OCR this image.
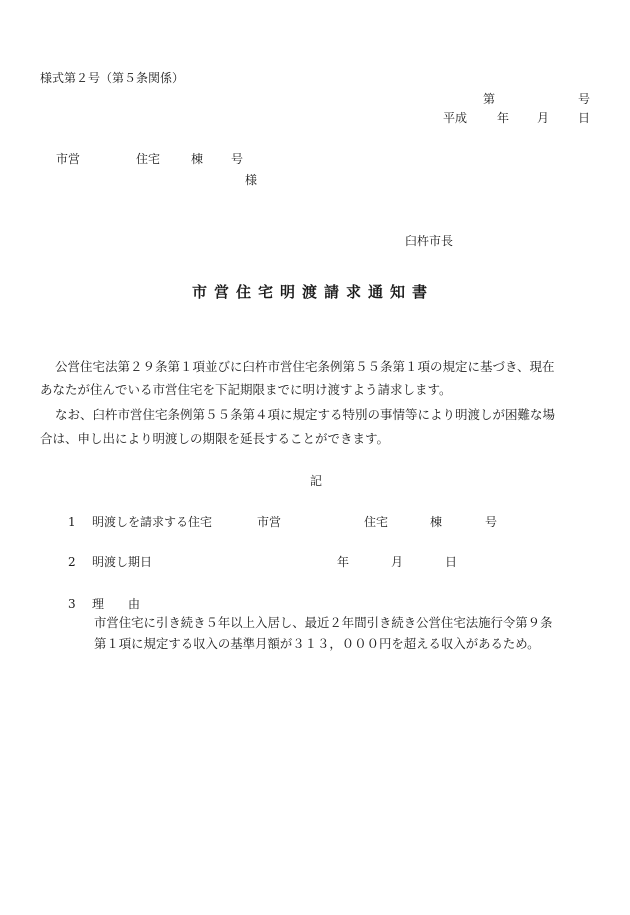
様式第２号（第５条関係）
第	号
平成 年 月 日
市営	住宅	棟 号
様
臼杵市長
市営住宅明渡請求通知書
公営住宅法第２９条第１項並びに臼杵市営住宅条例第５５条第１項の規定に基づき、現在
あなたが住んでいる市営住宅を下記期限までに明け渡すよう請求します。
なお、臼杵市営住宅条例第５５条第４項に規定する特別の事情等により明渡しが困難な場
合は、申し出により明渡しの期限を延長することができます。
記
1 明渡しを請求する住宅	市営	住宅	棟	号
2 明渡し期日	年	月	日
3 理　　由
市営住宅に引き続き５年以上入居し、最近２年間引き続き公営住宅法施行令第９条
第１項に規定する収入の基準月額が３１３，０００円を超える収入があるため。
